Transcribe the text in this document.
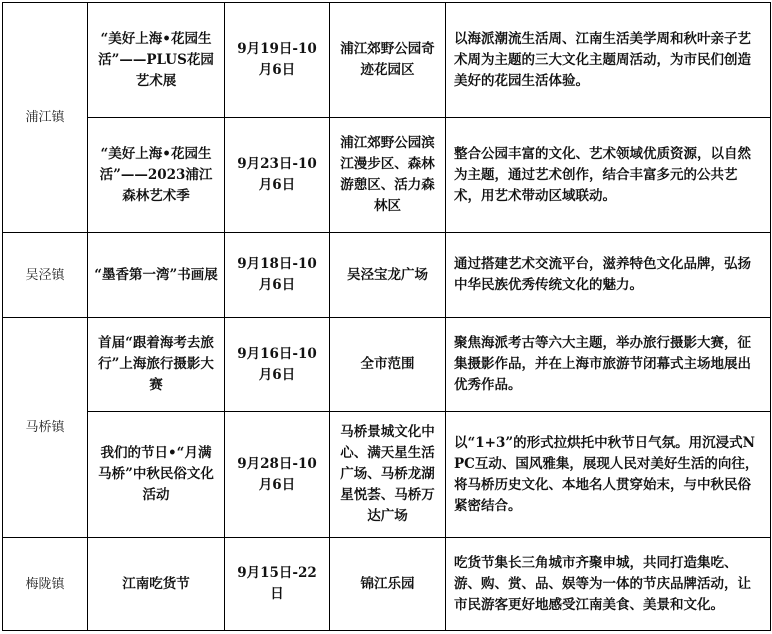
浦江镇	“美好上海•花园生活”——PLUS花园艺术展	9月19日-10月6日	浦江郊野公园奇迹花园区	以海派潮流生活周、江南生活美学周和秋叶亲子艺术周为主题的三大文化主题周活动，为市民们创造美好的花园生活体验。
	“美好上海•花园生活”——2023浦江森林艺术季	9月23日-10月6日	浦江郊野公园滨江漫步区、森林游憩区、活力森林区	整合公园丰富的文化、艺术领域优质资源，以自然为主题，通过艺术创作，结合丰富多元的公共艺术，用艺术带动区域联动。
吴泾镇	“墨香第一湾”书画展	9月18日-10月6日	吴泾宝龙广场	通过搭建艺术交流平台，滋养特色文化品牌，弘扬中华民族优秀传统文化的魅力。
马桥镇	首届“跟着海考去旅行”上海旅行摄影大赛	9月16日-10月6日	全市范围	聚焦海派考古等六大主题，举办旅行摄影大赛，征集摄影作品，并在上海市旅游节闭幕式主场地展出优秀作品。
	我们的节日•“月满马桥”中秋民俗文化活动	9月28日-10月6日	马桥景城文化中心、满天星生活广场、马桥龙湖星悦荟、马桥万达广场	以“1+3”的形式拉烘托中秋节日气氛。用沉浸式NPC互动、国风雅集，展现人民对美好生活的向往，将马桥历史文化、本地名人贯穿始末，与中秋民俗紧密结合。
梅陇镇	江南吃货节	9月15日-22日	锦江乐园	吃货节集长三角城市齐聚申城，共同打造集吃、游、购、赏、品、娱等为一体的节庆品牌活动，让市民游客更好地感受江南美食、美景和文化。
